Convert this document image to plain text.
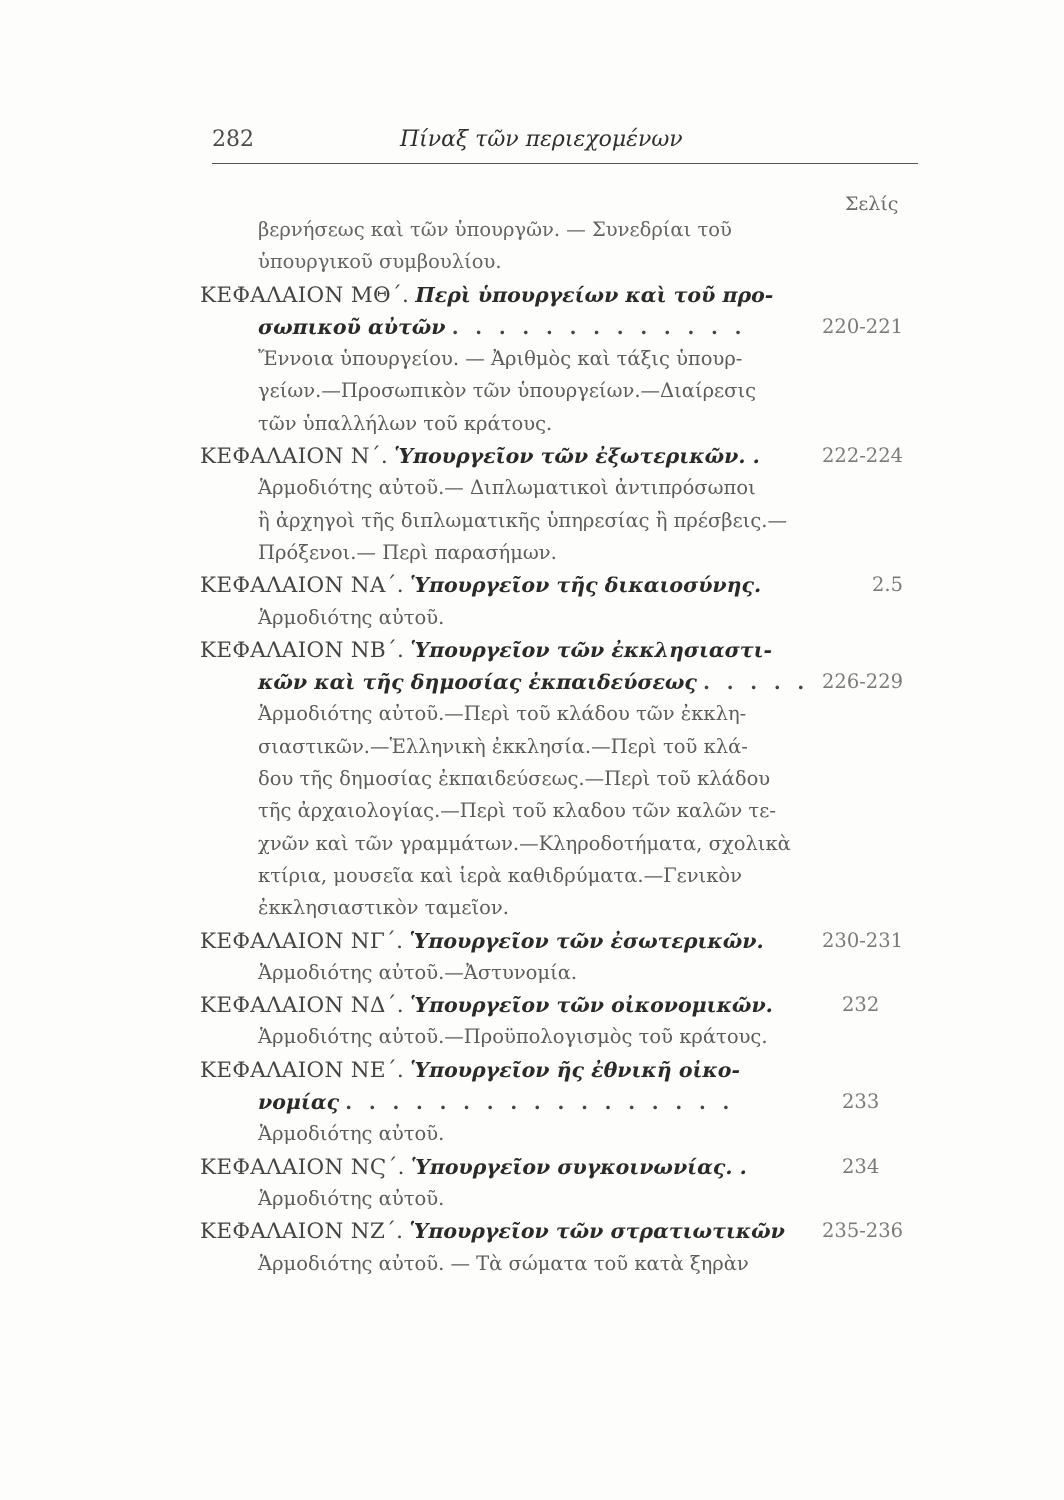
282	Πίναξ τῶν περιεχομένων
Σελίς
βερνήσεως καὶ τῶν ὑπουργῶν. — Συνεδρίαι τοῦ
ὑπουργικοῦ συμβουλίου.
ΚΕΦΑΛΑΙΟΝ ΜΘ΄. Περὶ ὑπουργείων καὶ τοῦ προ-
σωπικοῦ αὐτῶν . . . . . . . . . . . . .	220-221
Ἔννοια ὑπουργείου. — Ἀριθμὸς καὶ τάξις ὑπουρ-
γείων.—Προσωπικὸν τῶν ὑπουργείων.—Διαίρεσις
τῶν ὑπαλλήλων τοῦ κράτους.
ΚΕΦΑΛΑΙΟΝ Ν΄. Ὑπουργεῖον τῶν ἐξωτερικῶν. .	222-224
Ἁρμοδιότης αὐτοῦ.— Διπλωματικοὶ ἀντιπρόσωποι
ἢ ἀρχηγοὶ τῆς διπλωματικῆς ὑπηρεσίας ἢ πρέσβεις.—
Πρόξενοι.— Περὶ παρασήμων.
ΚΕΦΑΛΑΙΟΝ ΝΑ΄. Ὑπουργεῖον τῆς δικαιοσύνης.	2.5
Ἁρμοδιότης αὐτοῦ.
ΚΕΦΑΛΑΙΟΝ ΝΒ΄. Ὑπουργεῖον τῶν ἐκκλησιαστι-
κῶν καὶ τῆς δημοσίας ἐκπαιδεύσεως . . . . . 226-229
Ἁρμοδιότης αὐτοῦ.—Περὶ τοῦ κλάδου τῶν ἐκκλη-
σιαστικῶν.—Ἑλληνικὴ ἐκκλησία.—Περὶ τοῦ κλά-
δου τῆς δημοσίας ἐκπαιδεύσεως.—Περὶ τοῦ κλάδου
τῆς ἀρχαιολογίας.—Περὶ τοῦ κλαδου τῶν καλῶν τε-
χνῶν καὶ τῶν γραμμάτων.—Κληροδοτήματα, σχολικὰ
κτίρια, μουσεῖα καὶ ἱερὰ καθιδρύματα.—Γενικὸν
ἐκκλησιαστικὸν ταμεῖον.
ΚΕΦΑΛΑΙΟΝ ΝΓ΄. Ὑπουργεῖον τῶν ἐσωτερικῶν.	230-231
Ἁρμοδιότης αὐτοῦ.—Ἀστυνομία.
ΚΕΦΑΛΑΙΟΝ ΝΔ΄. Ὑπουργεῖον τῶν οἰκονομικῶν.	232
Ἁρμοδιότης αὐτοῦ.—Προϋπολογισμὸς τοῦ κράτους.
ΚΕΦΑΛΑΙΟΝ ΝΕ΄. Ὑπουργεῖον ῆς ἐθνικῆ οἰκο-
νομίας . . . . . . . . . . . . . . . . .	233
Ἁρμοδιότης αὐτοῦ.
ΚΕΦΑΛΑΙΟΝ ΝϚ΄. Ὑπουργεῖον συγκοινωνίας. .	234
Ἁρμοδιότης αὐτοῦ.
ΚΕΦΑΛΑΙΟΝ ΝΖ΄. Ὑπουργεῖον τῶν στρατιωτικῶν 235-236
Ἁρμοδιότης αὐτοῦ. — Τὰ σώματα τοῦ κατὰ ξηρὰν
